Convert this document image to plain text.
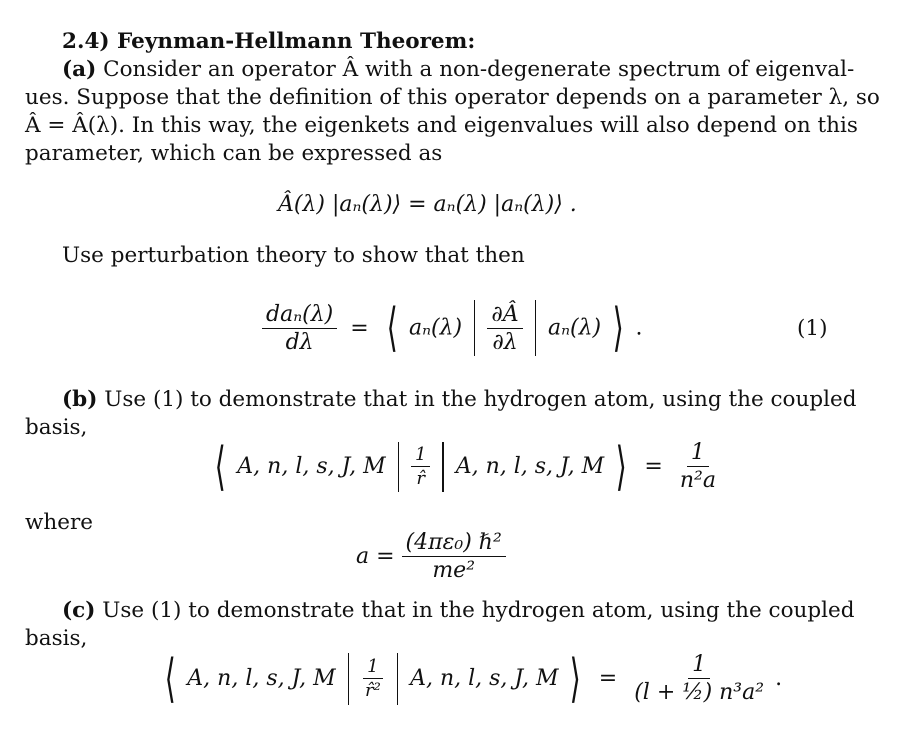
2.4) Feynman-Hellmann Theorem:
(a) Consider an operator Â with a non-degenerate spectrum of eigenval-
ues. Suppose that the definition of this operator depends on a parameter λ, so
Â = Â(λ). In this way, the eigenkets and eigenvalues will also depend on this
parameter, which can be expressed as
Â(λ) |aₙ(λ)⟩ = aₙ(λ) |aₙ(λ)⟩ .
Use perturbation theory to show that then
$\frac{\text{daₙ(λ)}}{d\lambda}$ = ⟨ $a_n(\lambda) \frac{\partial Â}{\partial\lambda} a_n(\lambda)$ ⟩ .	(1)
(b) Use (1) to demonstrate that in the hydrogen atom, using the coupled
basis,
⟨ A, n, l, s, J, M $\frac{1}{r̂} A$, n, l, s, J, M ⟩ = $\frac{1}{\text{n²a}}$
where
$a = \frac{\text{(4πε₀) ℏ²}}{\text{me²}}$
(c) Use (1) to demonstrate that in the hydrogen atom, using the coupled
basis,
⟨ A, n, l, s, J, M $\frac{1}{\text{r̂²}} A$, n, l, s, J, M ⟩ = $\frac{1}{\text{(l + ½) n³a²}}$ .
